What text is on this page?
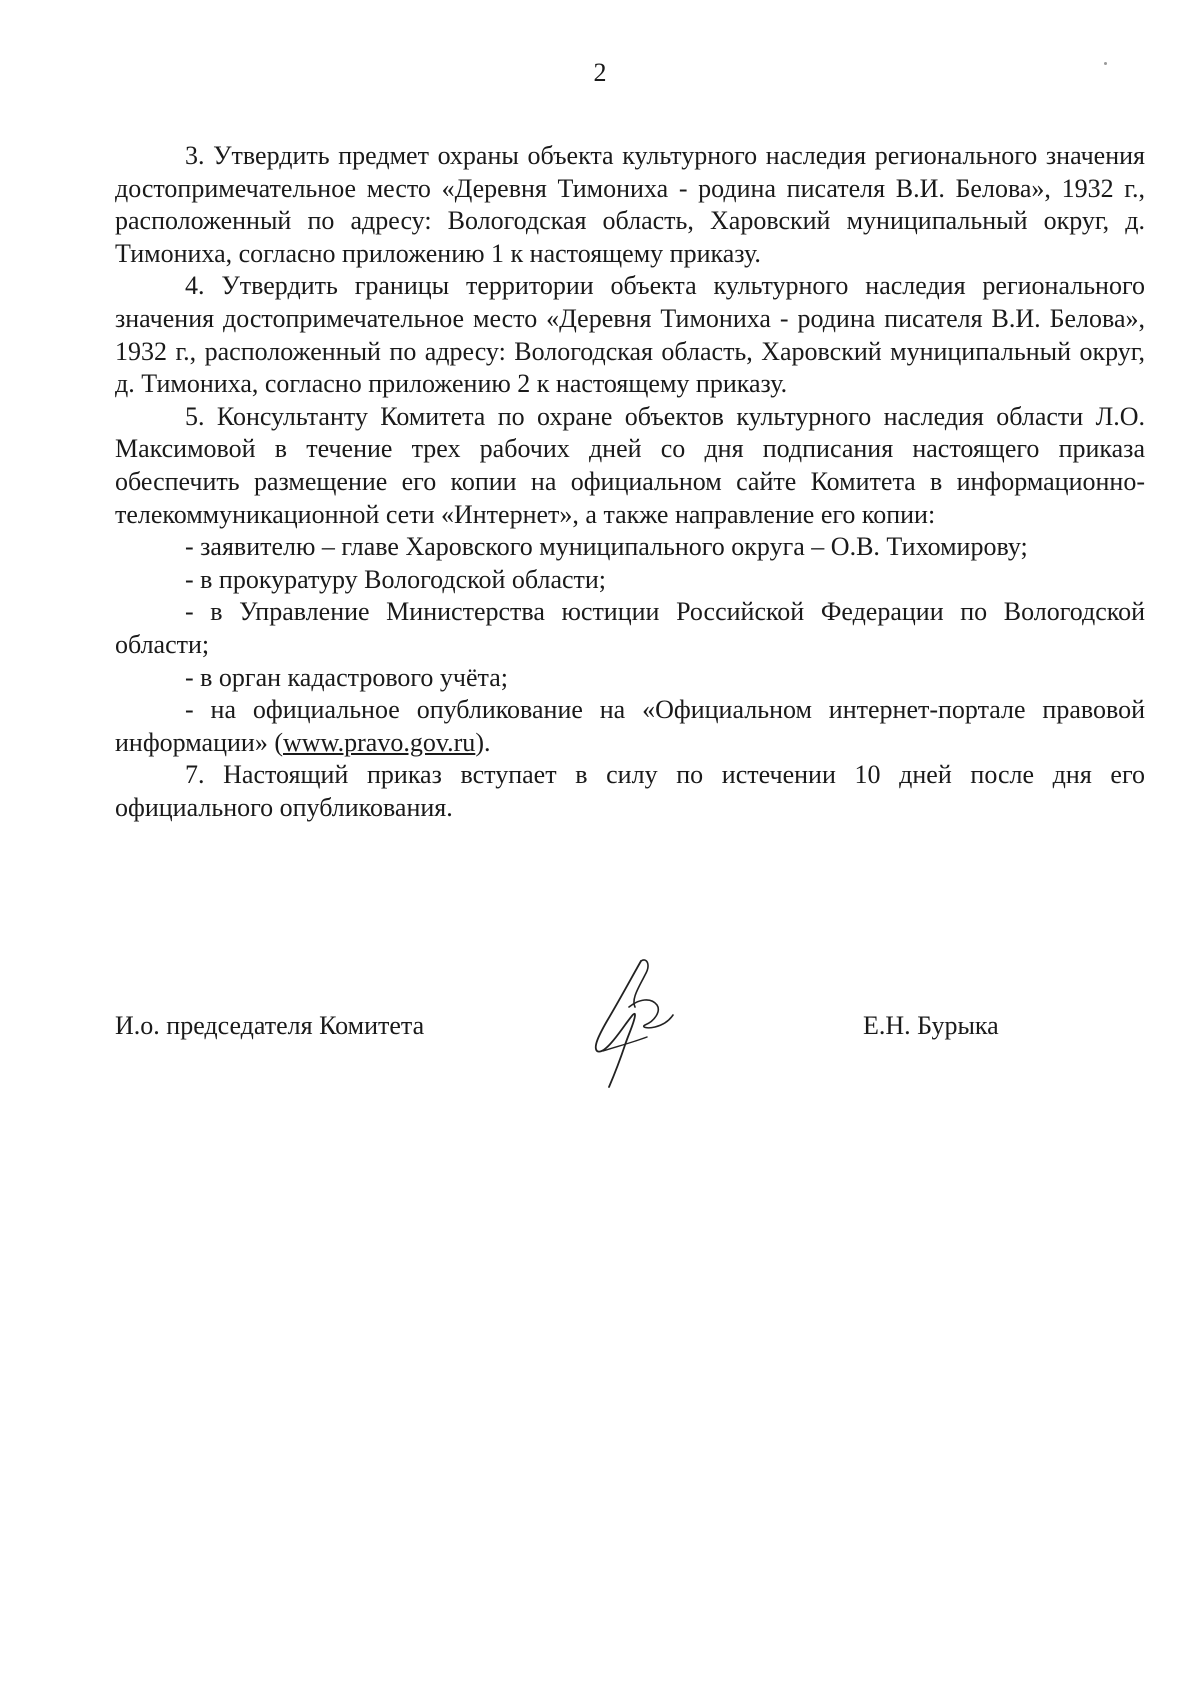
2

3. Утвердить предмет охраны объекта культурного наследия регионального значения достопримечательное место «Деревня Тимониха - родина писателя В.И. Белова», 1932 г., расположенный по адресу: Вологодская область, Харовский муниципальный округ, д. Тимониха, согласно приложению 1 к настоящему приказу.

4. Утвердить границы территории объекта культурного наследия регионального значения достопримечательное место «Деревня Тимониха - родина писателя В.И. Белова», 1932 г., расположенный по адресу: Вологодская область, Харовский муниципальный округ, д. Тимониха, согласно приложению 2 к настоящему приказу.

5. Консультанту Комитета по охране объектов культурного наследия области Л.О. Максимовой в течение трех рабочих дней со дня подписания настоящего приказа обеспечить размещение его копии на официальном сайте Комитета в информационно-телекоммуникационной сети «Интернет», а также направление его копии:

- заявителю – главе Харовского муниципального округа – О.В. Тихомирову;

- в прокуратуру Вологодской области;

- в Управление Министерства юстиции Российской Федерации по Вологодской области;

- в орган кадастрового учёта;

- на официальное опубликование на «Официальном интернет-портале правовой информации» (www.pravo.gov.ru).

7. Настоящий приказ вступает в силу по истечении 10 дней после дня его официального опубликования.

И.о. председателя Комитета	Е.Н. Бурыка
